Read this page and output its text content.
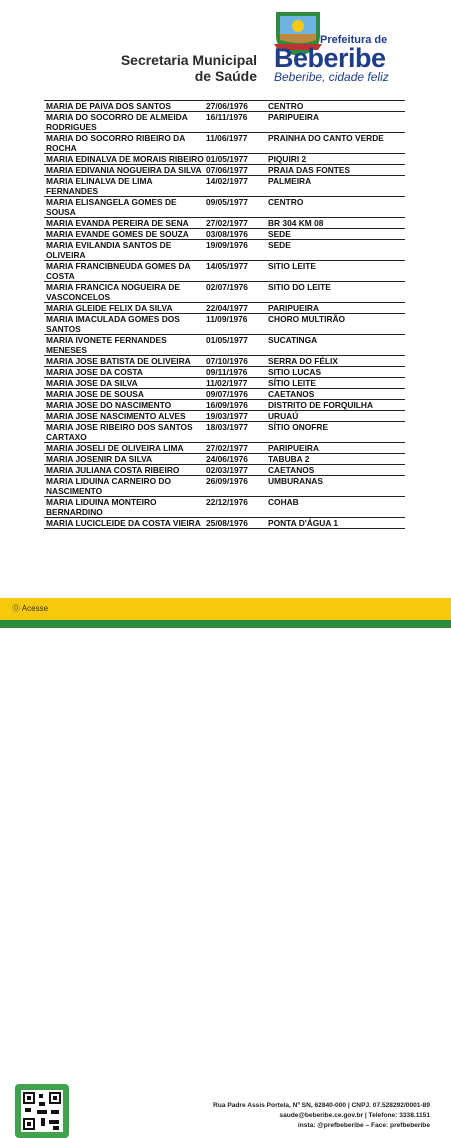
Secretaria Municipal
de Saúde
Prefeitura de
Beberibe
Beberibe, cidade feliz
MARIA DE PAIVA DOS SANTOS	27/06/1976	CENTRO
MARIA DO SOCORRO DE ALMEIDA RODRIGUES	16/11/1976	PARIPUEIRA
MARIA DO SOCORRO RIBEIRO DA ROCHA	11/06/1977	PRAINHA DO CANTO VERDE
MARIA EDINALVA DE MORAIS RIBEIRO	01/05/1977	PIQUIRI 2
MARIA EDIVANIA NOGUEIRA DA SILVA	07/06/1977	PRAIA DAS FONTES
MARIA ELINALVA DE LIMA FERNANDES	14/02/1977	PALMEIRA
MARIA ELISANGELA GOMES DE SOUSA	09/05/1977	CENTRO
MARIA EVANDA PEREIRA DE SENA	27/02/1977	BR 304 KM 08
MARIA EVANDE GOMES DE SOUZA	03/08/1976	SEDE
MARIA EVILANDIA SANTOS DE OLIVEIRA	19/09/1976	SEDE
MARIA FRANCIBNEUDA GOMES DA COSTA	14/05/1977	SITIO LEITE
MARIA FRANCICA NOGUEIRA DE VASCONCELOS	02/07/1976	SITIO DO LEITE
MARIA GLEIDE FELIX DA SILVA	22/04/1977	PARIPUEIRA
MARIA IMACULADA GOMES DOS SANTOS	11/09/1976	CHORO MULTIRÃO
MARIA IVONETE FERNANDES MENESES	01/05/1977	SUCATINGA
MARIA JOSE BATISTA DE OLIVEIRA	07/10/1976	SERRA DO FÉLIX
MARIA JOSE DA COSTA	09/11/1976	SITIO LUCAS
MARIA JOSE DA SILVA	11/02/1977	SÍTIO LEITE
MARIA JOSE DE SOUSA	09/07/1976	CAETANOS
MARIA JOSE DO NASCIMENTO	16/09/1976	DISTRITO DE FORQUILHA
MARIA JOSE NASCIMENTO ALVES	19/03/1977	URUAÚ
MARIA JOSE RIBEIRO DOS SANTOS CARTAXO	18/03/1977	SÍTIO ONOFRE
MARIA JOSELI DE OLIVEIRA LIMA	27/02/1977	PARIPUEIRA
MARIA JOSENIR DA SILVA	24/06/1976	TABUBA 2
MARIA JULIANA COSTA RIBEIRO	02/03/1977	CAETANOS
MARIA LIDUINA CARNEIRO DO NASCIMENTO	26/09/1976	UMBURANAS
MARIA LIDUINA MONTEIRO BERNARDINO	22/12/1976	COHAB
MARIA LUCICLEIDE DA COSTA VIEIRA	25/08/1976	PONTA D'ÁGUA 1
Rua Padre Assis Portela, Nº SN, 62840-000 | CNPJ. 07.528292/0001-89
saude@beberibe.ce.gov.br | Telefone: 3338.1151
insta: @prefbeberibe – Face: prefbeberibe
⓪ Acesse
